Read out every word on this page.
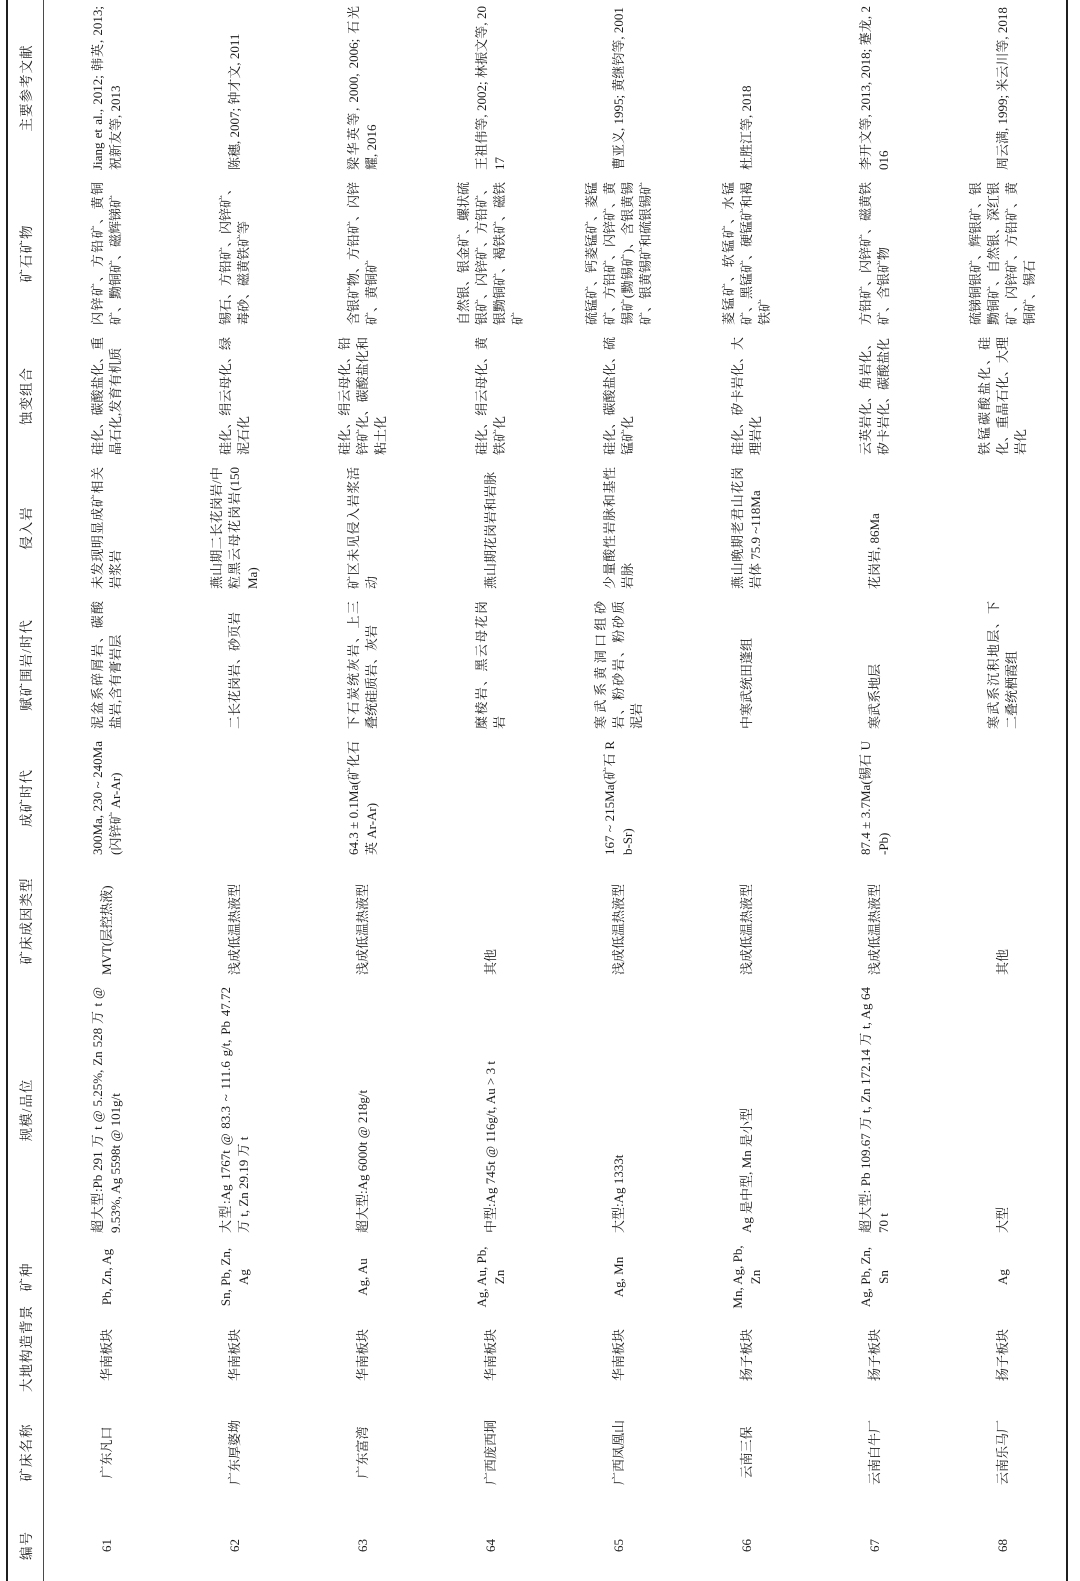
编号	矿床名称	大地构造背景	矿种	规模/品位	矿床成因类型	成矿时代	赋矿围岩/时代	侵入岩	蚀变组合	矿石矿物	主要参考文献
61	广东凡口	华南板块	Pb, Zn, Ag	超大型:Pb 291 万 t @ 5.25%, Zn 528 万 t @ 9.53%, Ag 5598t @ 101g/t	MVT(层控热液)	300Ma, 230 ~ 240Ma(闪锌矿 Ar-Ar)	泥盆系碎屑岩、碳酸盐岩,含有膏岩层	未发现明显成矿相关岩浆岩	硅化、碳酸盐化、重晶石化,发育有机质	闪锌矿、方铅矿、黄铜矿、黝铜矿、磁辉锑矿	Jiang et al., 2012; 韩英, 2013; 祝新友等, 2013
62	广东厚婆坳	华南板块	Sn, Pb, Zn, Ag	大型:Ag 1767t @ 83.3 ~ 111.6 g/t, Pb 47.72 万 t, Zn 29.19 万 t	浅成低温热液型		二长花岗岩、砂页岩	燕山期二长花岗岩/中粒黑云母花岗岩(150Ma)	硅化、绢云母化、绿泥石化	锡石、方铅矿、闪锌矿、毒砂、磁黄铁矿等	陈穗, 2007; 钟才文, 2011
63	广东富湾	华南板块	Ag, Au	超大型:Ag 6000t @ 218g/t	浅成低温热液型	64.3 ± 0.1Ma(矿化石英 Ar-Ar)	下石炭统灰岩、上三叠统硅质岩、灰岩	矿区未见侵入岩浆活动	硅化、绢云母化、铅锌矿化、碳酸盐化和粘土化	含银矿物、方铅矿、闪锌矿、黄铜矿	梁华英等, 2000, 2006; 石光耀, 2016
64	广西庞西垌	华南板块	Ag, Au, Pb, Zn	中型:Ag 745t @ 116g/t, Au > 3 t	其他		糜棱岩、黑云母花岗岩	燕山期花岗岩和岩脉	硅化、绢云母化、黄铁矿化	自然银、银金矿、螺状硫银矿、闪锌矿、方铅矿、银黝铜矿、褐铁矿、磁铁矿	王祖伟等, 2002; 林振文等, 2017
65	广西凤凰山	华南板块	Ag, Mn	大型:Ag 1333t	浅成低温热液型	167 ~ 215Ma(矿石 Rb-Sr)	寒武系黄洞口组砂岩、粉砂岩、粉砂质泥岩	少量酸性岩脉和基性岩脉	硅化、碳酸盐化、硫锰矿化	硫锰矿、钙菱锰矿、菱锰矿、方铅矿、闪锌矿、黄锡矿(黝锡矿)、含银黄锡矿、银黄锡矿和硫银锡矿	曹亚义, 1995; 黄继钧等, 2001
66	云南三保	扬子板块	Mn, Ag, Pb, Zn	Ag 是中型, Mn 是小型	浅成低温热液型		中寒武统田蓬组	燕山晚期老君山花岗岩体 75.9 ~118Ma	硅化、矽卡岩化、大理岩化	菱锰矿、软锰矿、水锰矿、黑锰矿、硬锰矿和褐铁矿	杜胜江等, 2018
67	云南白牛厂	扬子板块	Ag, Pb, Zn, Sn	超大型: Pb 109.67 万 t, Zn 172.14 万 t, Ag 6470 t	浅成低温热液型	87.4 ± 3.7Ma(锡石 U-Pb)	寒武系地层	花岗岩, 86Ma	云英岩化、角岩化、矽卡岩化、碳酸盐化	方铅矿、闪锌矿、磁黄铁矿、含银矿物	李开文等, 2013, 2018; 蹇龙, 2016
68	云南乐马厂	扬子板块	Ag	大型	其他		寒武系沉积地层、下二叠统栖霞组		铁锰碳酸盐化、硅化、重晶石化、大理岩化	硫锑铜银矿、辉银矿、银黝铜矿、自然银、深红银矿、闪锌矿、方铅矿、黄铜矿、锡石	周云满, 1999; 米云川等, 2018
